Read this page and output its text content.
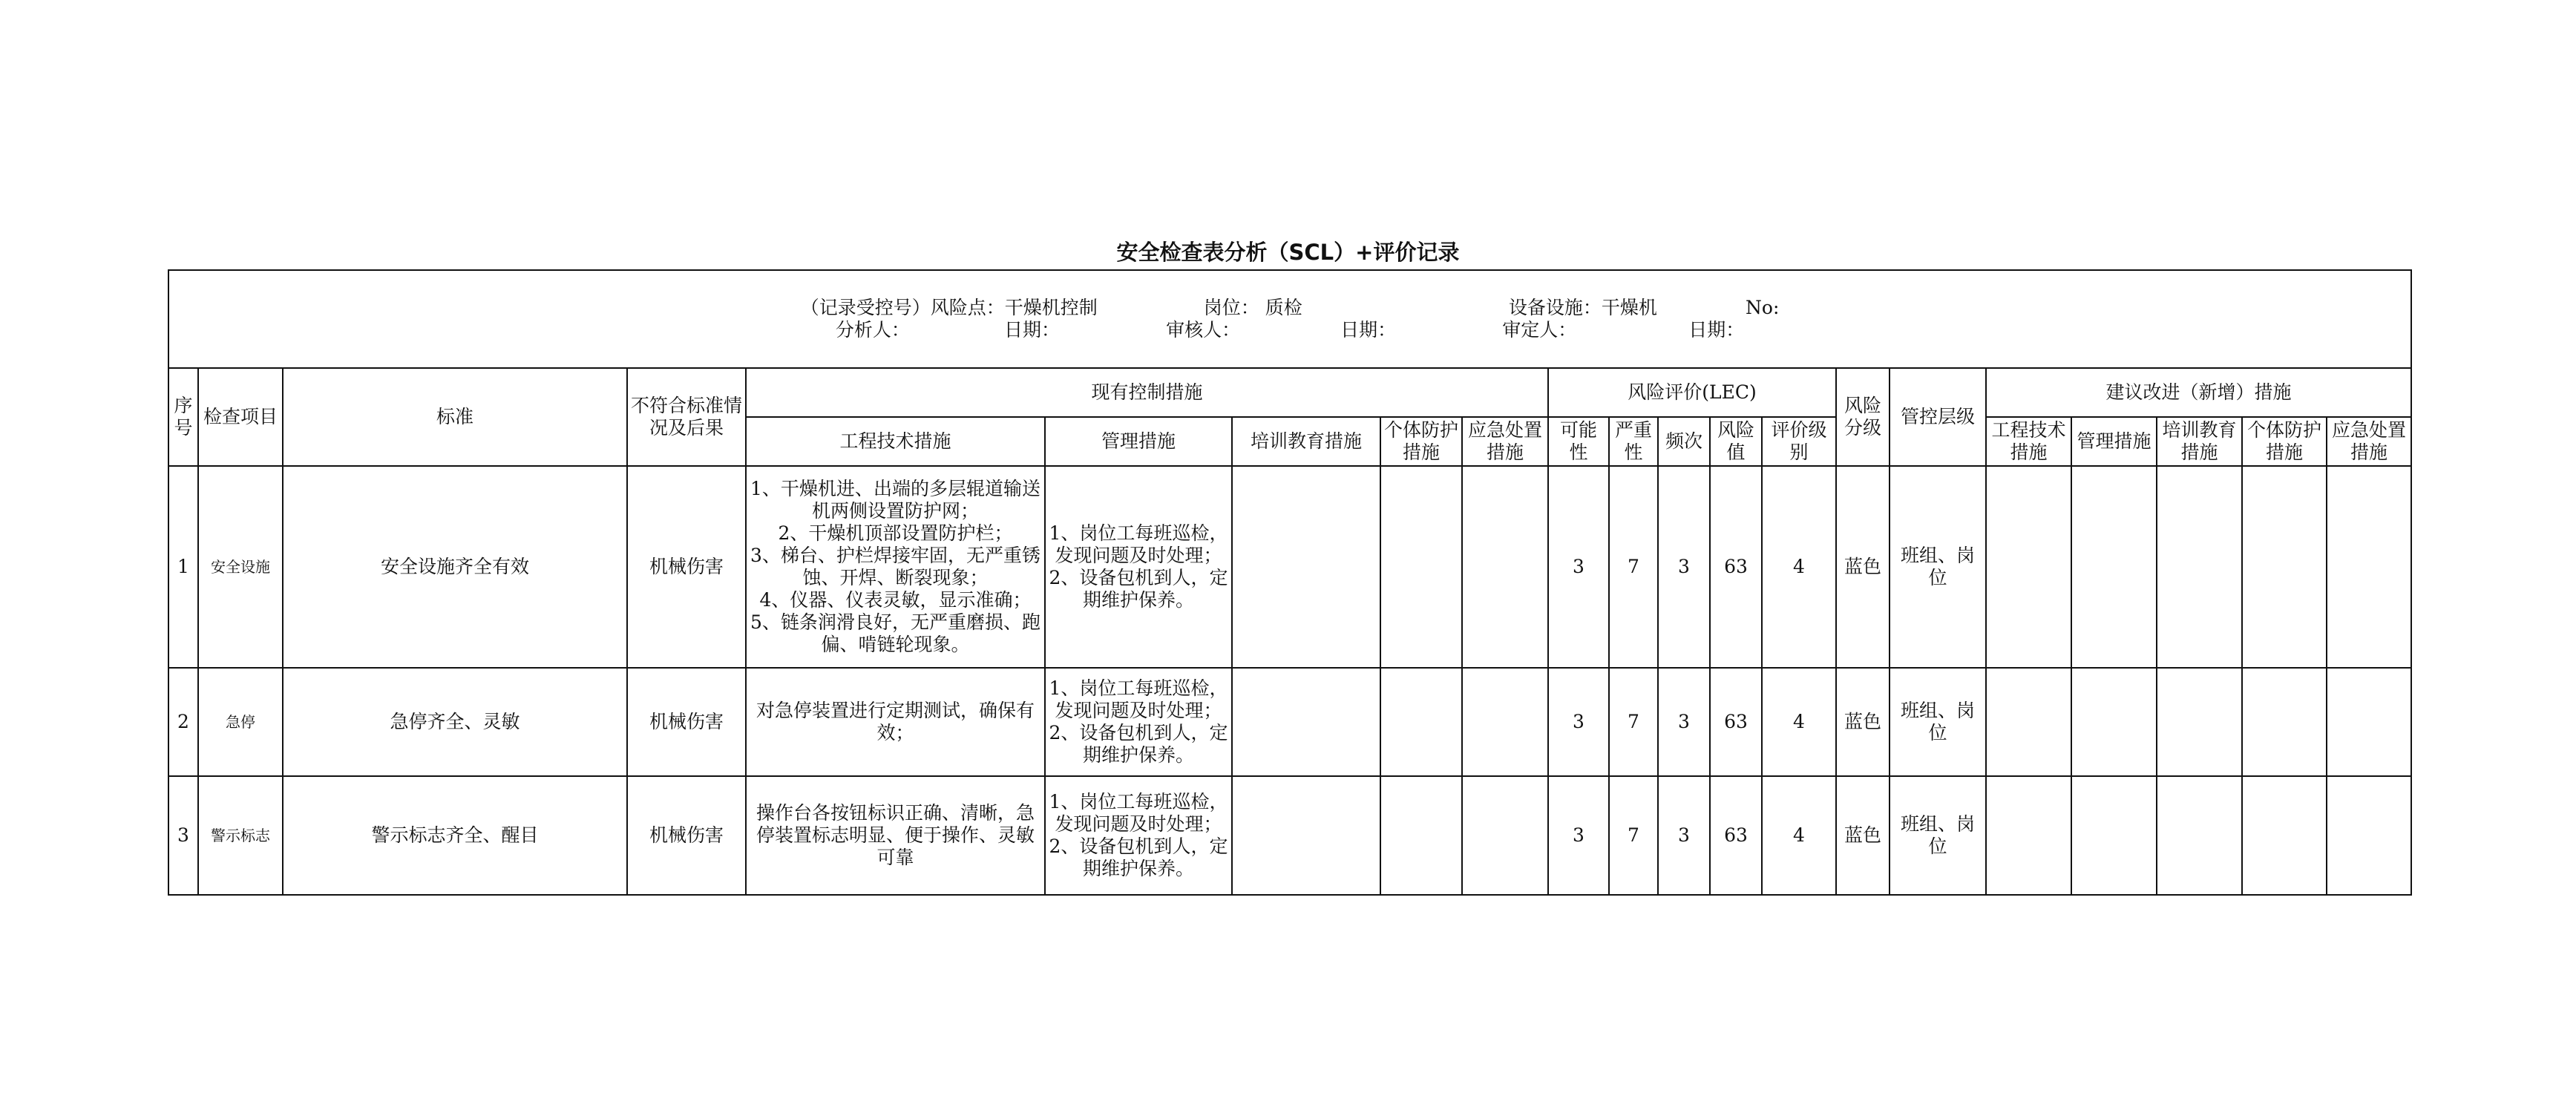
安全检查表分析（SCL）+评价记录
（记录受控号）风险点：干燥机控制                  岗位： 质检                                   设备设施：干燥机               No:
分析人：                日期：                  审核人：                 日期：                  审定人：                   日期：																				

序号	检查项目	标准	不符合标准情况及后果	现有控制措施					风险评价(LEC)					风险分级	管控层级	建议改进（新增）措施				
				工程技术措施	管理措施	培训教育措施	个体防护措施	应急处置措施	可能性	严重性	频次	风险值	评价级别			工程技术措施	管理措施	培训教育措施	个体防护措施	应急处置措施
1	安全设施	安全设施齐全有效	机械伤害	1、干燥机进、出端的多层辊道输送机两侧设置防护网；
2、干燥机顶部设置防护栏；
3、梯台、护栏焊接牢固，无严重锈蚀、开焊、断裂现象；
4、仪器、仪表灵敏，显示准确；
5、链条润滑良好，无严重磨损、跑偏、啃链轮现象。	1、岗位工每班巡检，发现问题及时处理；
2、设备包机到人，定期维护保养。				3	7	3	63	4	蓝色	班组、岗位					
2	急停	急停齐全、灵敏	机械伤害	对急停装置进行定期测试，确保有效；	1、岗位工每班巡检，发现问题及时处理；
2、设备包机到人，定期维护保养。				3	7	3	63	4	蓝色	班组、岗位					
3	警示标志	警示标志齐全、醒目	机械伤害	操作台各按钮标识正确、清晰，急停装置标志明显、便于操作、灵敏可靠	1、岗位工每班巡检，发现问题及时处理；
2、设备包机到人，定期维护保养。				3	7	3	63	4	蓝色	班组、岗位					
